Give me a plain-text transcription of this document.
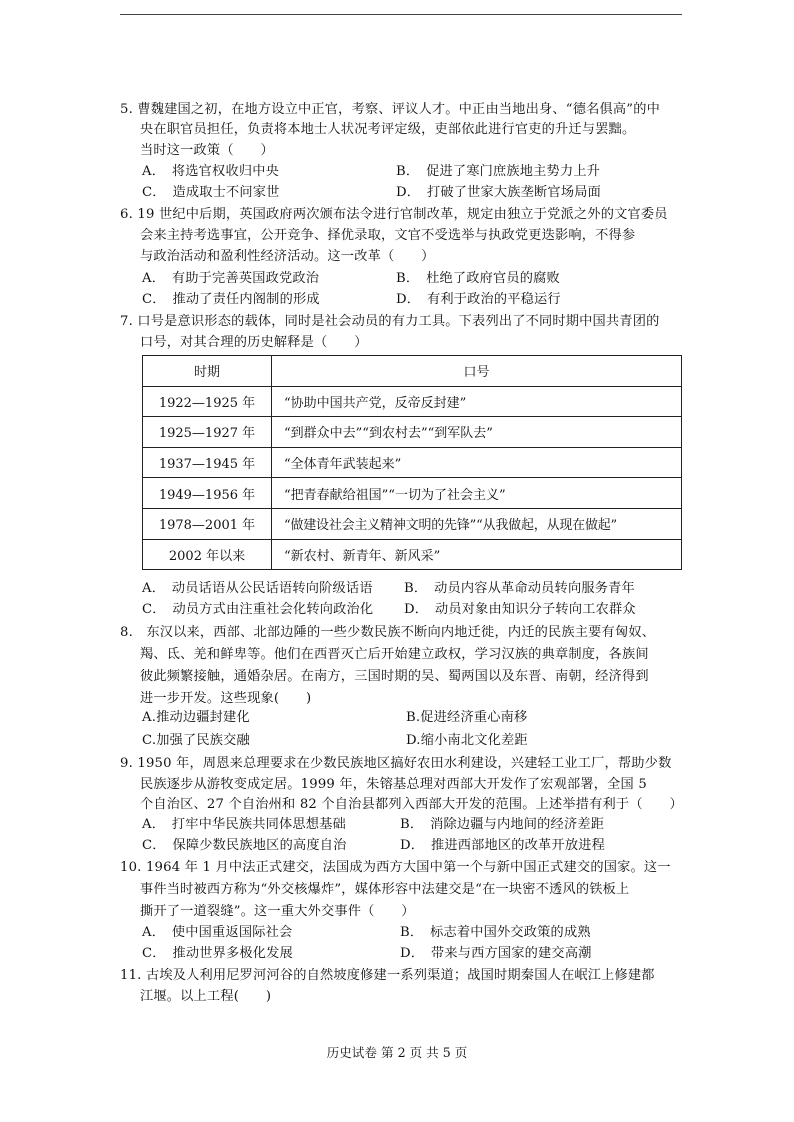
5. 曹魏建国之初，在地方设立中正官，考察、评议人才。中正由当地出身、“德名俱高”的中
央在职官员担任，负责将本地士人状况考评定级，吏部依此进行官吏的升迁与罢黜。
当时这一政策（　　）
A．　将选官权收归中央	B．　促进了寒门庶族地主势力上升
C．　造成取士不问家世	D．　打破了世家大族垄断官场局面
6. 19 世纪中后期，英国政府两次颁布法令进行官制改革，规定由独立于党派之外的文官委员
会来主持考选事宜，公开竞争、择优录取，文官不受选举与执政党更迭影响，不得参
与政治活动和盈利性经济活动。这一改革（　　）
A．　有助于完善英国政党政治	B．　杜绝了政府官员的腐败
C．　推动了责任内阁制的形成	D．　有利于政治的平稳运行
7. 口号是意识形态的载体，同时是社会动员的有力工具。下表列出了不同时期中国共青团的
口号，对其合理的历史解释是（　　）
时期	口号
1922—1925 年	“协助中国共产党，反帝反封建”
1925—1927 年	“到群众中去”“到农村去”“到军队去”
1937—1945 年	“全体青年武装起来”
1949—1956 年	“把青春献给祖国”“一切为了社会主义”
1978—2001 年	“做建设社会主义精神文明的先锋”“从我做起，从现在做起”
2002 年以来	“新农村、新青年、新风采”
A．　动员话语从公民话语转向阶级话语 B．　动员内容从革命动员转向服务青年
C．　动员方式由注重社会化转向政治化 D．　动员对象由知识分子转向工农群众
8.　东汉以来，西部、北部边陲的一些少数民族不断向内地迁徙，内迁的民族主要有匈奴、
羯、氐、羌和鲜卑等。他们在西晋灭亡后开始建立政权，学习汉族的典章制度，各族间
彼此频繁接触，通婚杂居。在南方，三国时期的吴、蜀两国以及东晋、南朝，经济得到
进一步开发。这些现象(　　)
A.推动边疆封建化	B.促进经济重心南移
C.加强了民族交融	D.缩小南北文化差距
9. 1950 年，周恩来总理要求在少数民族地区搞好农田水利建设，兴建轻工业工厂，帮助少数
民族逐步从游牧变成定居。1999 年，朱镕基总理对西部大开发作了宏观部署，全国 5
个自治区、27 个自治州和 82 个自治县都列入西部大开发的范围。上述举措有利于（　　）
A．　打牢中华民族共同体思想基础	B．　消除边疆与内地间的经济差距
C．　保障少数民族地区的高度自治	D．　推进西部地区的改革开放进程
10. 1964 年 1 月中法正式建交，法国成为西方大国中第一个与新中国正式建交的国家。这一
事件当时被西方称为“外交核爆炸”，媒体形容中法建交是“在一块密不透风的铁板上
撕开了一道裂缝”。这一重大外交事件（　　）
A．　使中国重返国际社会	B．　标志着中国外交政策的成熟
C．　推动世界多极化发展	D．　带来与西方国家的建交高潮
11. 古埃及人利用尼罗河河谷的自然坡度修建一系列渠道；战国时期秦国人在岷江上修建都
江堰。以上工程(　　)
历史试卷 第 2 页 共 5 页
